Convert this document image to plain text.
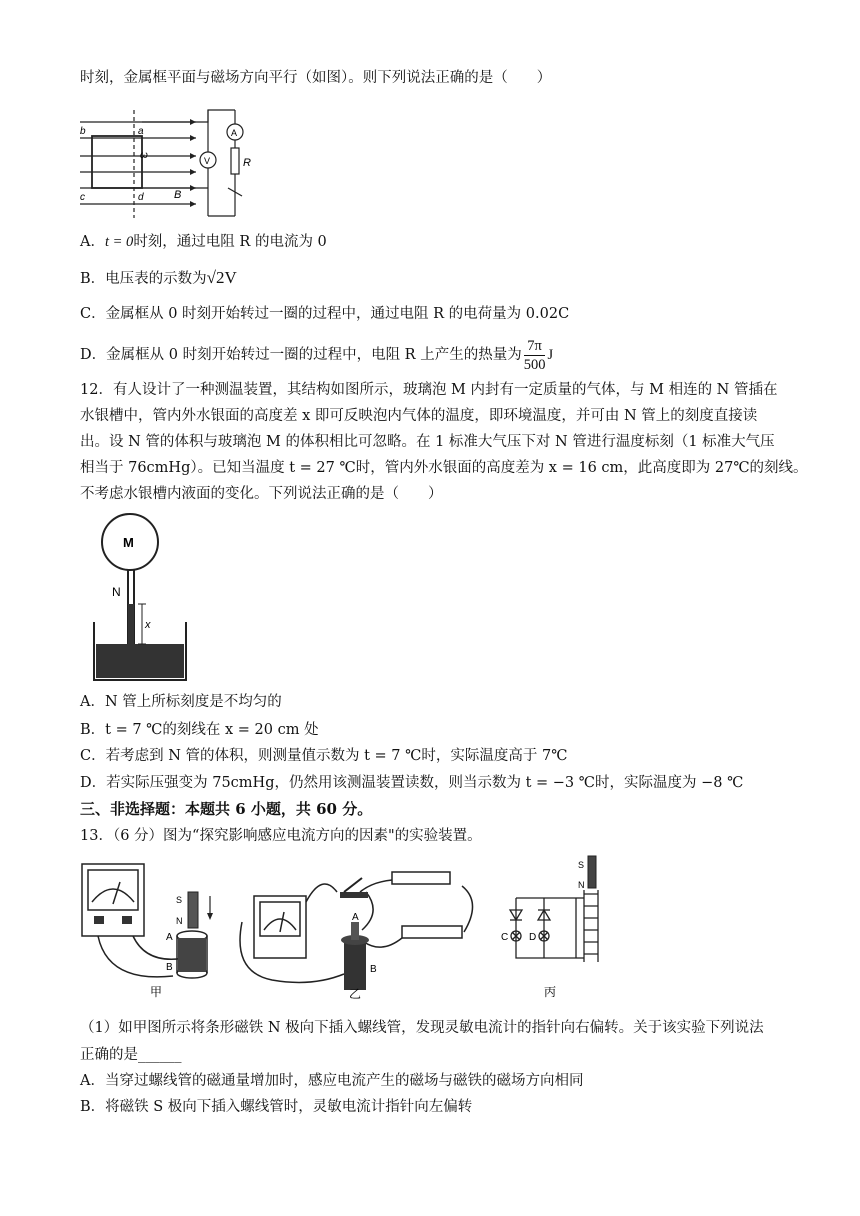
时刻，金属框平面与磁场方向平行（如图）。则下列说法正确的是（　　）
b	a
c	d
ω
B
V
A
R
A．t = 0时刻，通过电阻 R 的电流为 0
B．电压表的示数为√2V
C．金属框从 0 时刻开始转过一圈的过程中，通过电阻 R 的电荷量为 0.02C
D．金属框从 0 时刻开始转过一圈的过程中，电阻 R 上产生的热量为 $\frac{7\pi}{500}$ J
12．有人设计了一种测温装置，其结构如图所示，玻璃泡 M 内封有一定质量的气体，与 M 相连的 N 管插在
水银槽中，管内外水银面的高度差 x 即可反映泡内气体的温度，即环境温度，并可由 N 管上的刻度直接读
出。设 N 管的体积与玻璃泡 M 的体积相比可忽略。在 1 标准大气压下对 N 管进行温度标刻（1 标准大气压
相当于 76cmHg）。已知当温度 t = 27 ℃时，管内外水银面的高度差为 x = 16 cm，此高度即为 27℃的刻线。
不考虑水银槽内液面的变化。下列说法正确的是（　　）
M
N
x
A．N 管上所标刻度是不均匀的
B．t = 7 ℃的刻线在 x = 20 cm 处
C．若考虑到 N 管的体积，则测量值示数为 t = 7 ℃时，实际温度高于 7℃
D．若实际压强变为 75cmHg，仍然用该测温装置读数，则当示数为 t = −3 ℃时，实际温度为 −8 ℃
三、非选择题：本题共 6 小题，共 60 分。
13．（6 分）图为“探究影响感应电流方向的因素"的实验装置。
S
N
A
B
甲
A
B
乙
S
N
C D
丙
（1）如甲图所示将条形磁铁 N 极向下插入螺线管，发现灵敏电流计的指针向右偏转。关于该实验下列说法
正确的是______
A．当穿过螺线管的磁通量增加时，感应电流产生的磁场与磁铁的磁场方向相同
B．将磁铁 S 极向下插入螺线管时，灵敏电流计指针向左偏转
